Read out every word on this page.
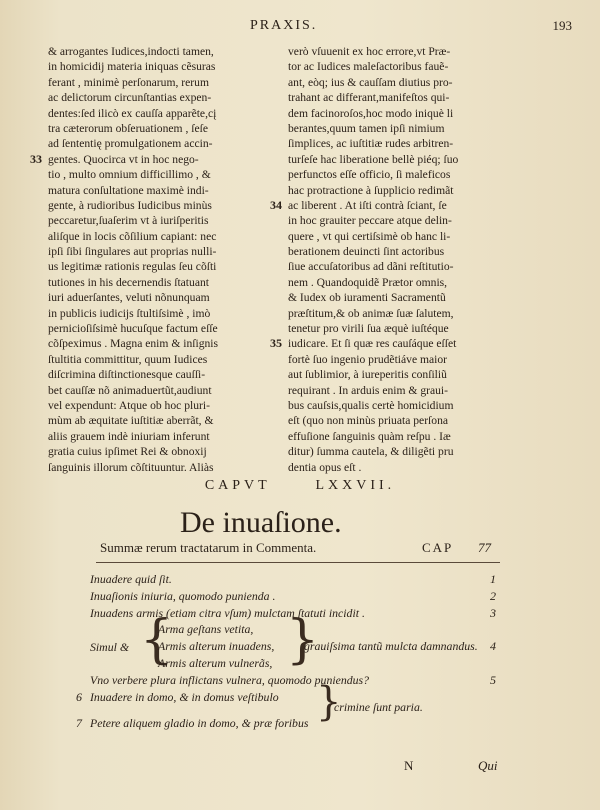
PRAXIS.	193
& arrogantes Iudices,indocti tamen,
in homicidij materia iniquas cẽsuras
ferant , minimè perſonarum, rerum
ac delictorum circunſtantias expen-
dentes:ſed ilicò ex cauſſa apparẽte,cį
tra cæterorum obſeruationem , ſeſe
ad ſententię promulgationem accin-
gentes. Quocirca vt in hoc nego-
tio , multo omnium difficillimo , &
matura conſultatione maximè indi-
gente, à rudioribus Iudicibus minùs
peccaretur,ſuaſerim vt à iuriſperitis
aliſque in locis cõſilium capiant: nec
ipſi ſibi ſingulares aut proprias nulli-
us legitimæ rationis regulas ſeu cõſti
tutiones in his decernendis ſtatuant
iuri aduerſantes, veluti nõnunquam
in publicis iudicijs ſtultiſsimè , imò
pernicioſiſsimè hucuſque factum eſſe
cõſpeximus . Magna enim & inſignis
ſtultitia committitur, quum Iudices
diſcrimina diſtinctionesque cauſſi-
bet cauſſæ nõ animaduertũt,audiunt
vel expendunt: Atque ob hoc pluri-
mùm ab æquitate iuſtitiæ aberrãt, &
aliis grauem indè iniuriam inferunt
gratia cuius ipſimet Rei & obnoxij
ſanguinis illorum cõſtituuntur. Aliàs
verò vſuuenit ex hoc errore,vt Præ-
tor ac Iudices maleſactoribus fauẽ-
ant, eòq; ius & cauſſam diutius pro-
trahant ac differant,manifeſtos qui-
dem facinoroſos,hoc modo iniquè li
berantes,quum tamen ipſi nimium
ſimplices, ac iuſtitiæ rudes arbitren-
turſeſe hac liberatione bellè piéq; ſuo
perfunctos eſſe officio, ſi maleficos
hac protractione à ſupplicio redimãt
ac liberent . At iſti contrà ſciant, ſe
in hoc grauiter peccare atque delin-
quere , vt qui certiſsimè ob hanc li-
berationem deuincti ſint actoribus
ſiue accuſatoribus ad dãni reſtitutio-
nem . Quandoquidẽ Prætor omnis,
& Iudex ob iuramenti Sacramentũ
præſtitum,& ob animæ ſuæ ſalutem,
tenetur pro virili ſua æquè iuſtéque
iudicare. Et ſi quæ res cauſáque eſſet
fortè ſuo ingenio prudẽtiáve maior
aut ſublimior, à iureperitis conſiliũ
requirant . In arduis enim & graui-
bus cauſsis,qualis certè homicidium
eſt (quo non minùs priuata perſona
effuſione ſanguinis quàm reſpu . Iæ
ditur) ſumma cautela, & diligẽti pru
dentia opus eſt .
33
34
35
CAPVT	LXXVII.
De inuaſione.
Summæ rerum tractatarum in Commenta.	CAP 77
Inuadere quid ſit.	1
Inuaſionis iniuria, quomodo punienda .	2
Inuadens armis (etiam citra vſum) mulctam ſtatuti incidit .	3
Simul & {
Arma geſtans vetita,
Armis alterum inuadens,
Armis alterum vulnerãs, }
grauiſsima tantũ mulcta damnandus. 4
Vno verbere plura inflictans vulnera, quomodo puniendus?	5
6 Inuadere in domo, & in domus veſtibulo }
crimine ſunt paria.
7 Petere aliquem gladio in domo, & præ foribus
N	Qui
